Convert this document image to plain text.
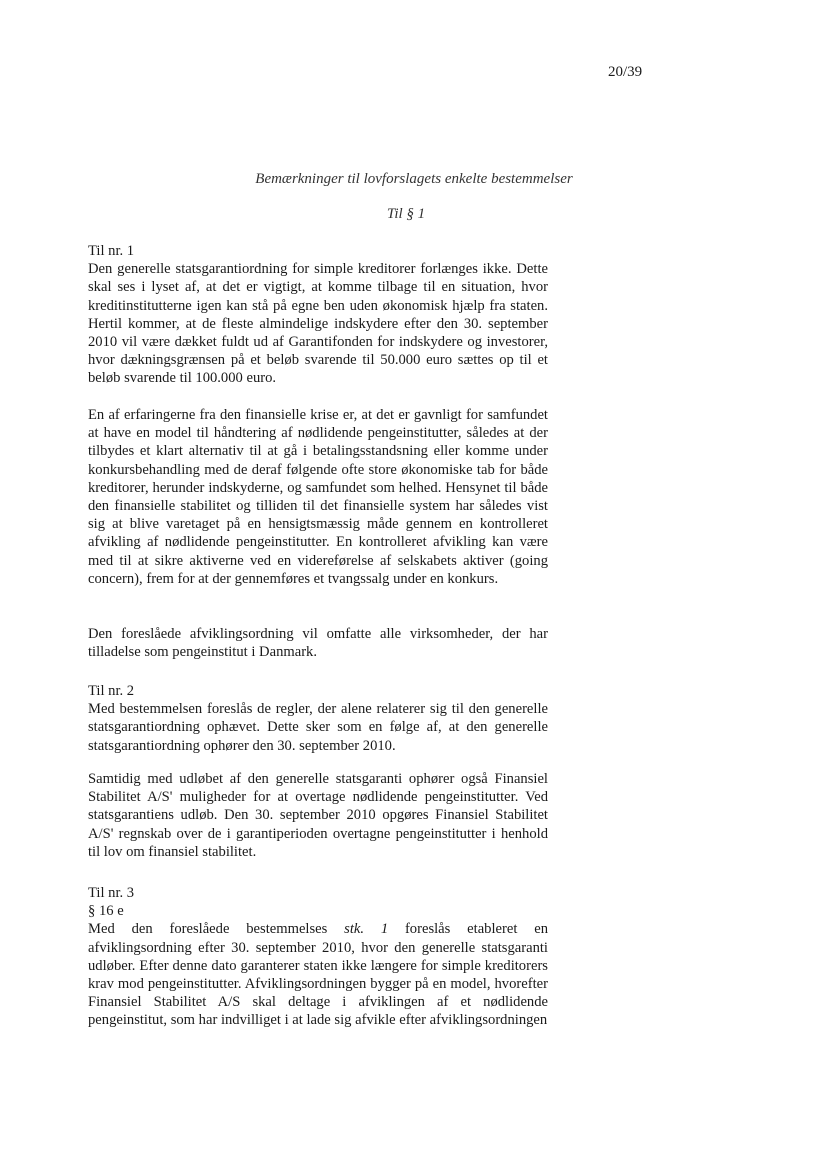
20/39
Bemærkninger til lovforslagets enkelte bestemmelser
Til § 1

Til nr. 1

Den generelle statsgarantiordning for simple kreditorer forlænges ikke. Dette skal ses i lyset af, at det er vigtigt, at komme tilbage til en situation, hvor kreditinstitutterne igen kan stå på egne ben uden økonomisk hjælp fra staten. Hertil kommer, at de fleste almindelige indskydere efter den 30. september 2010 vil være dækket fuldt ud af Garantifonden for indskydere og investorer, hvor dækningsgrænsen på et beløb svarende til 50.000 euro sættes op til et beløb svarende til 100.000 euro.

En af erfaringerne fra den finansielle krise er, at det er gavnligt for samfundet at have en model til håndtering af nødlidende pengeinstitutter, således at der tilbydes et klart alternativ til at gå i betalingsstandsning eller komme under konkursbehandling med de deraf følgende ofte store økonomiske tab for både kreditorer, herunder indskyderne, og samfundet som helhed. Hensynet til både den finansielle stabilitet og tilliden til det finansielle system har således vist sig at blive varetaget på en hensigtsmæssig måde gennem en kontrolleret afvikling af nødlidende pengeinstitutter. En kontrolleret afvikling kan være med til at sikre aktiverne ved en videreførelse af selskabets aktiver (going concern), frem for at der gennemføres et tvangssalg under en konkurs.

Den foreslåede afviklingsordning vil omfatte alle virksomheder, der har tilladelse som pengeinstitut i Danmark.

Til nr. 2

Med bestemmelsen foreslås de regler, der alene relaterer sig til den generelle statsgarantiordning ophævet. Dette sker som en følge af, at den generelle statsgarantiordning ophører den 30. september 2010.

Samtidig med udløbet af den generelle statsgaranti ophører også Finansiel Stabilitet A/S' muligheder for at overtage nødlidende pengeinstitutter. Ved statsgarantiens udløb. Den 30. september 2010 opgøres Finansiel Stabilitet A/S' regnskab over de i garantiperioden overtagne pengeinstitutter i henhold til lov om finansiel stabilitet.

Til nr. 3

§ 16 e

Med den foreslåede bestemmelses stk. 1 foreslås etableret en afviklingsordning efter 30. september 2010, hvor den generelle statsgaranti udløber. Efter denne dato garanterer staten ikke længere for simple kreditorers krav mod pengeinstitutter. Afviklingsordningen bygger på en model, hvorefter Finansiel Stabilitet A/S skal deltage i afviklingen af et nødlidende pengeinstitut, som har indvilliget i at lade sig afvikle efter afviklingsordningen
